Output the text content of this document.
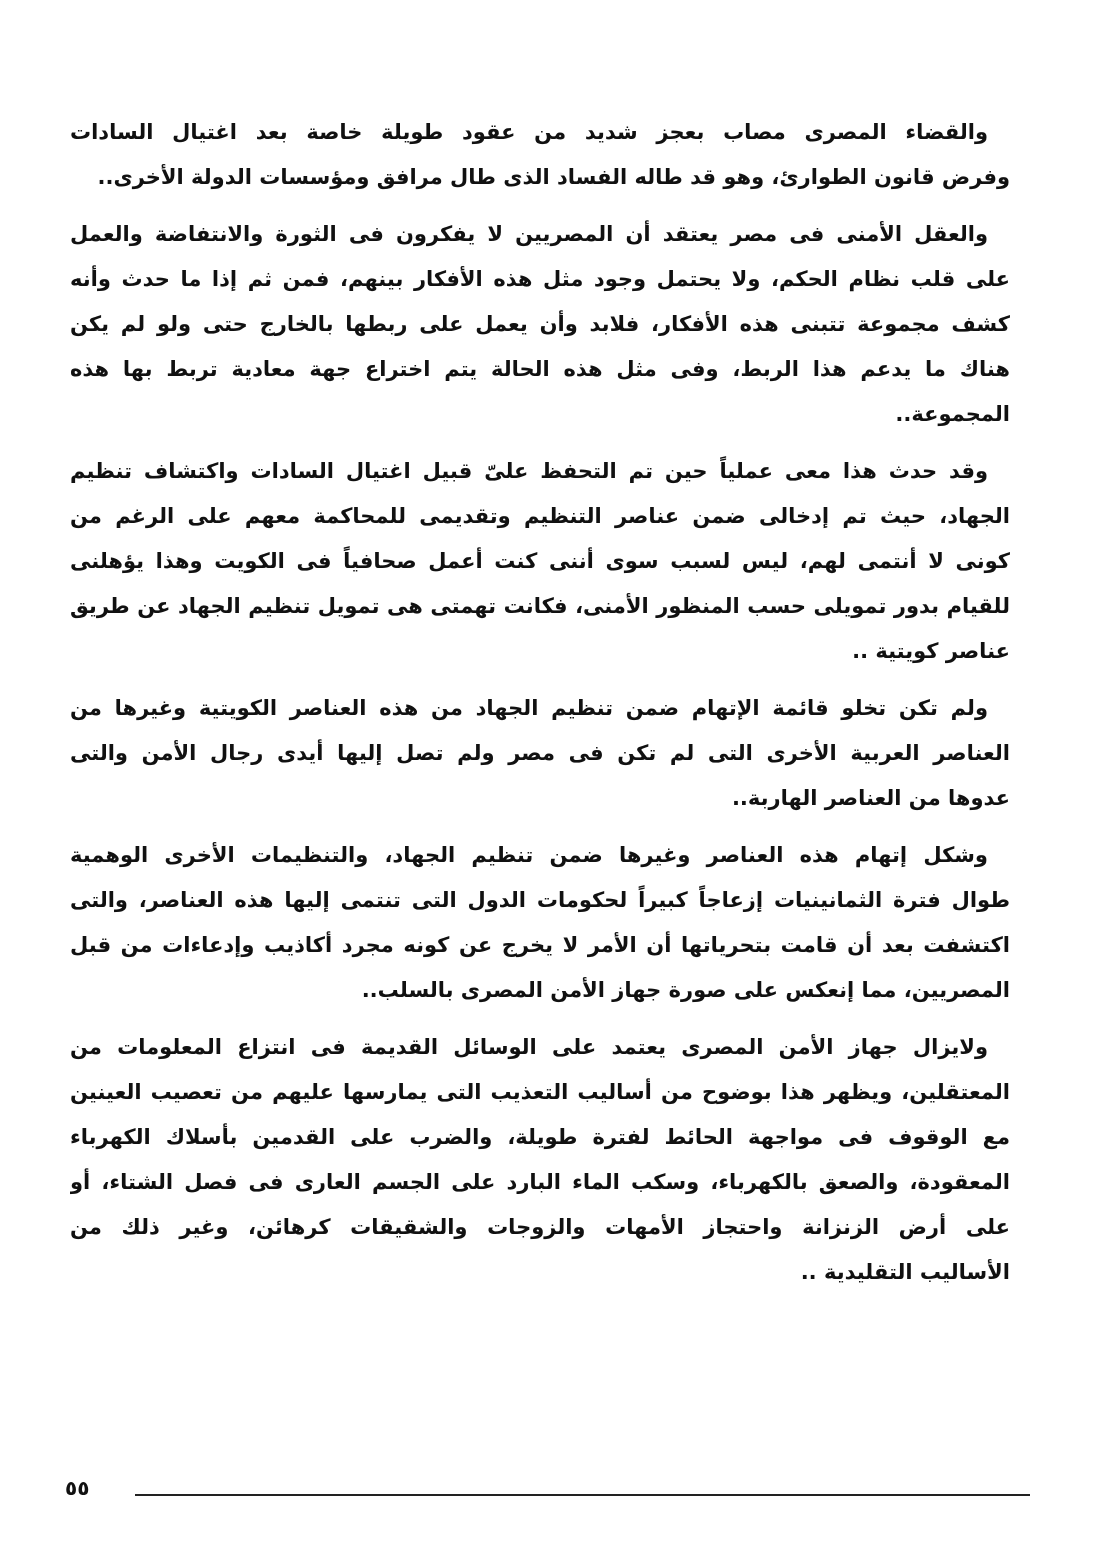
والقضاء المصرى مصاب بعجز شديد من عقود طويلة خاصة بعد اغتيال السادات
وفرض قانون الطوارئ، وهو قد طاله الفساد الذى طال مرافق ومؤسسات الدولة الأخرى..
والعقل الأمنى فى مصر يعتقد أن المصريين لا يفكرون فى الثورة والانتفاضة والعمل
على قلب نظام الحكم، ولا يحتمل وجود مثل هذه الأفكار بينهم، فمن ثم إذا ما حدث وأنه
كشف مجموعة تتبنى هذه الأفكار، فلابد وأن يعمل على ربطها بالخارج حتى ولو لم يكن
هناك ما يدعم هذا الربط، وفى مثل هذه الحالة يتم اختراع جهة معادية تربط بها هذه
المجموعة..
وقد حدث هذا معى عملياً حين تم التحفظ علىّ قبيل اغتيال السادات واكتشاف تنظيم
الجهاد، حيث تم إدخالى ضمن عناصر التنظيم وتقديمى للمحاكمة معهم على الرغم من
كونى لا أنتمى لهم، ليس لسبب سوى أننى كنت أعمل صحافياً فى الكويت وهذا يؤهلنى
للقيام بدور تمويلى حسب المنظور الأمنى، فكانت تهمتى هى تمويل تنظيم الجهاد عن طريق
عناصر كويتية ..
ولم تكن تخلو قائمة الإتهام ضمن تنظيم الجهاد من هذه العناصر الكويتية وغيرها من
العناصر العربية الأخرى التى لم تكن فى مصر ولم تصل إليها أيدى رجال الأمن والتى
عدوها من العناصر الهاربة..
وشكل إتهام هذه العناصر وغيرها ضمن تنظيم الجهاد، والتنظيمات الأخرى الوهمية
طوال فترة الثمانينيات إزعاجاً كبيراً لحكومات الدول التى تنتمى إليها هذه العناصر، والتى
اكتشفت بعد أن قامت بتحرياتها أن الأمر لا يخرج عن كونه مجرد أكاذيب وإدعاءات من قبل
المصريين، مما إنعكس على صورة جهاز الأمن المصرى بالسلب..
ولايزال جهاز الأمن المصرى يعتمد على الوسائل القديمة فى انتزاع المعلومات من
المعتقلين، ويظهر هذا بوضوح من أساليب التعذيب التى يمارسها عليهم من تعصيب العينين
مع الوقوف فى مواجهة الحائط لفترة طويلة، والضرب على القدمين بأسلاك الكهرباء
المعقودة، والصعق بالكهرباء، وسكب الماء البارد على الجسم العارى فى فصل الشتاء، أو
على أرض الزنزانة واحتجاز الأمهات والزوجات والشقيقات كرهائن، وغير ذلك من
الأساليب التقليدية ..
٥٥
